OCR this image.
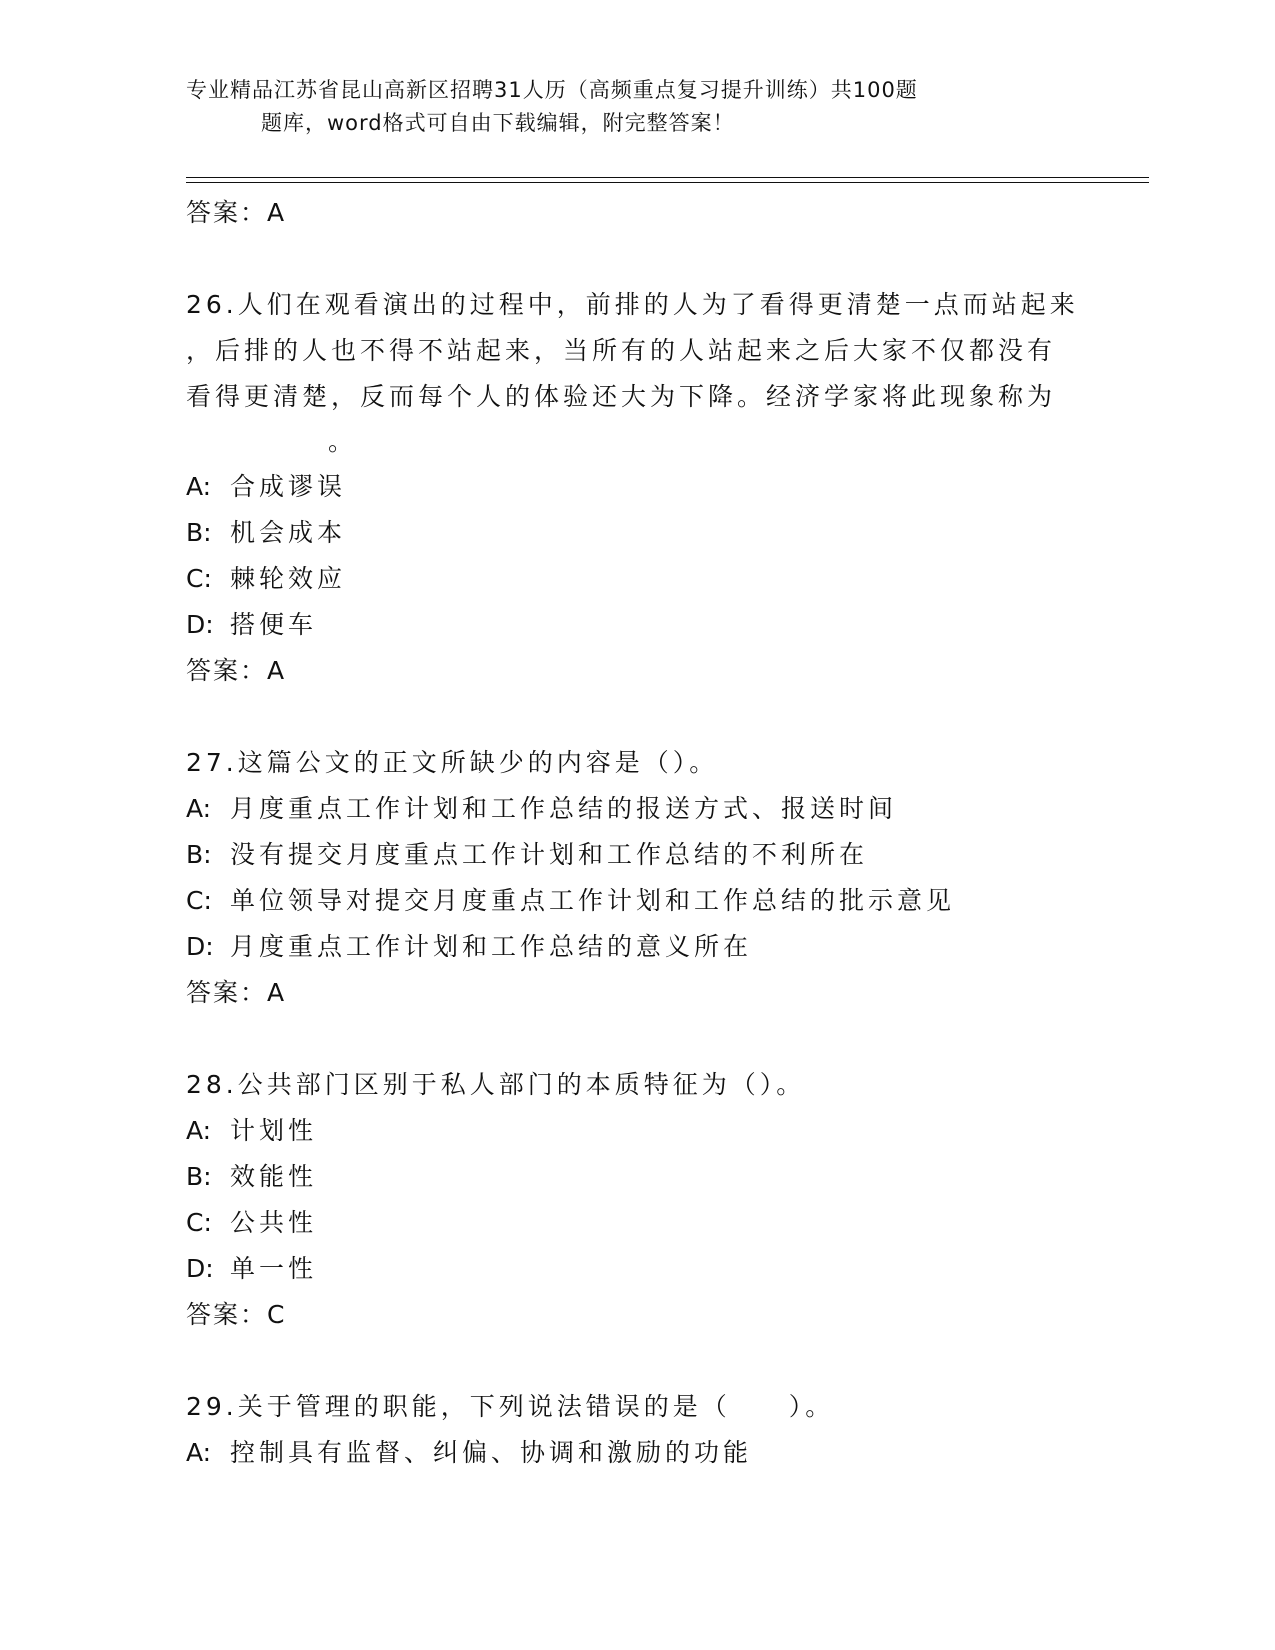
专业精品江苏省昆山高新区招聘31人历（高频重点复习提升训练）共100题
题库，word格式可自由下载编辑，附完整答案！
答案：A
26.人们在观看演出的过程中，前排的人为了看得更清楚一点而站起来
，后排的人也不得不站起来，当所有的人站起来之后大家不仅都没有
看得更清楚，反而每个人的体验还大为下降。经济学家将此现象称为
。
A: 合成谬误
B: 机会成本
C: 棘轮效应
D: 搭便车
答案：A
27.这篇公文的正文所缺少的内容是（）。
A: 月度重点工作计划和工作总结的报送方式、报送时间
B: 没有提交月度重点工作计划和工作总结的不利所在
C: 单位领导对提交月度重点工作计划和工作总结的批示意见
D: 月度重点工作计划和工作总结的意义所在
答案：A
28.公共部门区别于私人部门的本质特征为（）。
A: 计划性
B: 效能性
C: 公共性
D: 单一性
答案：C
29.关于管理的职能，下列说法错误的是（　　）。
A: 控制具有监督、纠偏、协调和激励的功能
